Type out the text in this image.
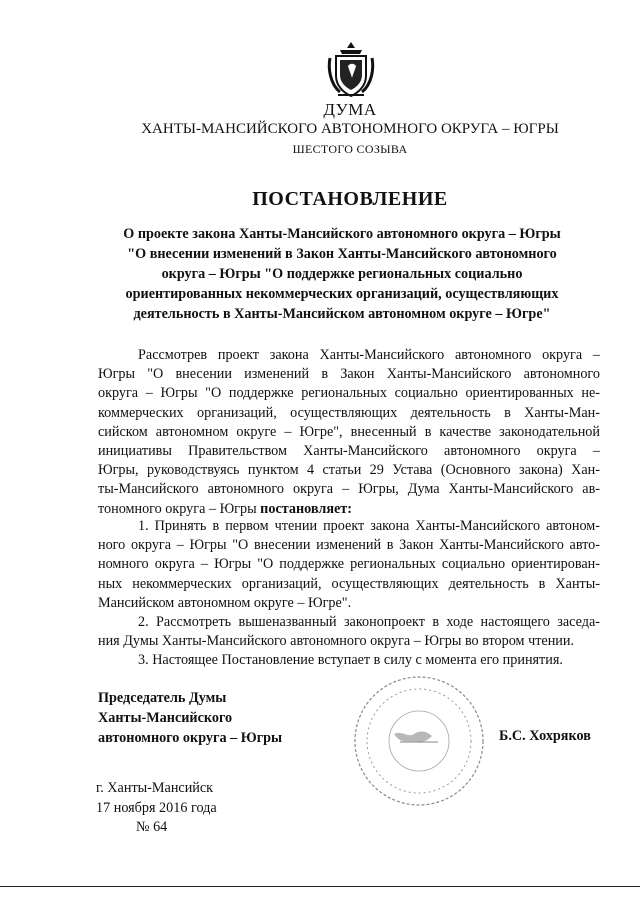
ДУМА
ХАНТЫ-МАНСИЙСКОГО АВТОНОМНОГО ОКРУГА – ЮГРЫ
ШЕСТОГО СОЗЫВА
ПОСТАНОВЛЕНИЕ
О проекте закона Ханты-Мансийского автономного округа – Югры
"О внесении изменений в Закон Ханты-Мансийского автономного
округа – Югры "О поддержке региональных социально
ориентированных некоммерческих организаций, осуществляющих
деятельность в Ханты-Мансийском автономном округе – Югре"
Рассмотрев проект закона Ханты-Мансийского автономного округа –
Югры "О внесении изменений в Закон Ханты-Мансийского автономного
округа – Югры "О поддержке региональных социально ориентированных не-
коммерческих организаций, осуществляющих деятельность в Ханты-Ман-
сийском автономном округе – Югре", внесенный в качестве законодательной
инициативы Правительством Ханты-Мансийского автономного округа –
Югры, руководствуясь пунктом 4 статьи 29 Устава (Основного закона) Хан-
ты-Мансийского автономного округа – Югры, Дума Ханты-Мансийского ав-
тономного округа – Югры постановляет:
1. Принять в первом чтении проект закона Ханты-Мансийского автоном-
ного округа – Югры "О внесении изменений в Закон Ханты-Мансийского авто-
номного округа – Югры "О поддержке региональных социально ориентирован-
ных некоммерческих организаций, осуществляющих деятельность в Ханты-
Мансийском автономном округе – Югре".
2. Рассмотреть вышеназванный законопроект в ходе настоящего заседа-
ния Думы Ханты-Мансийского автономного округа – Югры во втором чтении.
3. Настоящее Постановление вступает в силу с момента его принятия.
Председатель Думы
Ханты-Мансийского
автономного округа – Югры	Б.С. Хохряков
г. Ханты-Мансийск
17 ноября 2016 года
№ 64
